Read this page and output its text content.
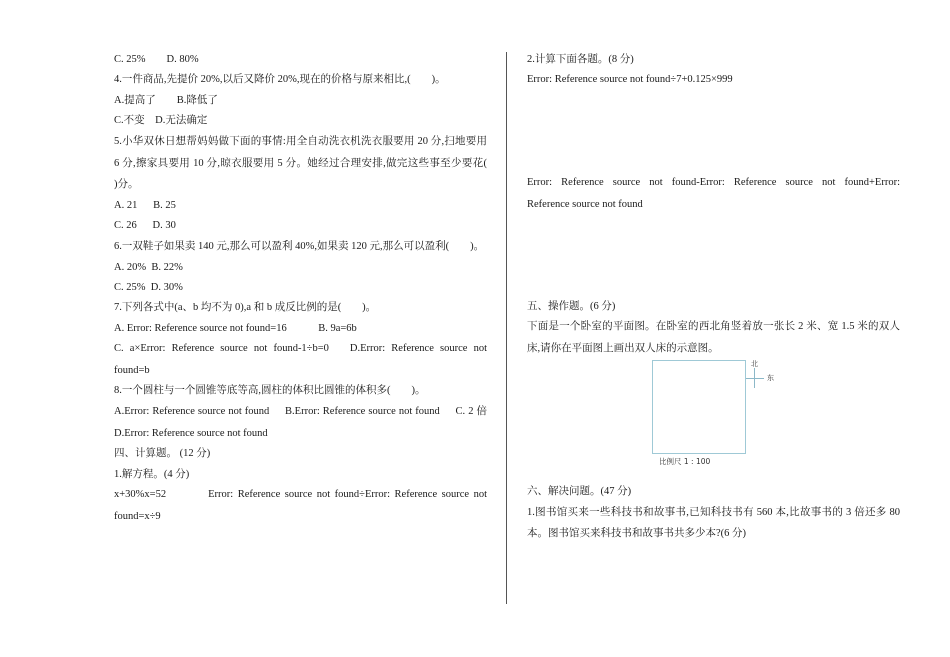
C. 25%  D. 80%
4.一件商品,先提价 20%,以后又降价 20%,现在的价格与原来相比,(  )。
A.提高了  B.降低了
C.不变 D.无法确定
5.小华双休日想帮妈妈做下面的事情:用全自动洗衣机洗衣服要用 20 分,扫地要用
6 分,擦家具要用 10 分,晾衣服要用 5 分。她经过合理安排,做完这些事至少要花(
)分。
A. 21  B. 25
C. 26  D. 30
6.一双鞋子如果卖 140 元,那么可以盈利 40%,如果卖 120 元,那么可以盈利(  )。
A. 20% B. 22%
C. 25% D. 30%
7.下列各式中(a、b 均不为 0),a 和 b 成反比例的是(  )。
A. Error: Reference source not found=16   B. 9a=6b
C. a×Error: Reference source not found-1÷b=0  D.Error: Reference source not
found=b
8.一个圆柱与一个圆锥等底等高,圆柱的体积比圆锥的体积多(  )。
A.Error: Reference source not found  B.Error: Reference source not found  C. 2 倍
D.Error: Reference source not found
四、计算题。 (12 分)
1.解方程。(4 分)
x+30%x=52    Error: Reference source not found÷Error: Reference source not
found=x÷9
2.计算下面各题。(8 分)
Error: Reference source not found÷7+0.125×999
Error: Reference source not found-Error: Reference source not found+Error:
Reference source not found
五、操作题。(6 分)
下面是一个卧室的平面图。在卧室的西北角竖着放一张长 2 米、宽 1.5 米的双人
床,请你在平面图上画出双人床的示意图。
六、解决问题。(47 分)
1.图书馆买来一些科技书和故事书,已知科技书有 560 本,比故事书的 3 倍还多 80
本。图书馆买来科技书和故事书共多少本?(6 分)
北
东
比例尺 1 : 100
